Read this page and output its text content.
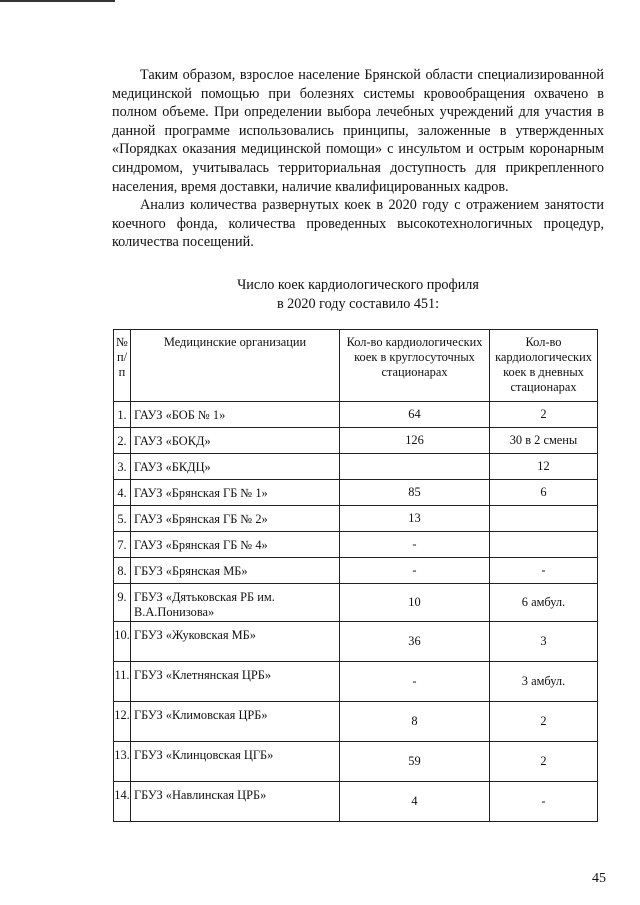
Таким образом, взрослое население Брянской области специализированной медицинской помощью при болезнях системы кровообращения охвачено в полном объеме. При определении выбора лечебных учреждений для участия в данной программе использовались принципы, заложенные в утвержденных «Порядках оказания медицинской помощи» с инсультом и острым коронарным синдромом, учитывалась территориальная доступность для прикрепленного населения, время доставки, наличие квалифицированных кадров.

Анализ количества развернутых коек в 2020 году с отражением занятости коечного фонда, количества проведенных высокотехнологичных процедур, количества посещений.

Число коек кардиологического профиля
в 2020 году составило 451:
№ п/п	Медицинские организации	Кол-во кардиологических коек в круглосуточных стационарах	Кол-во кардиологических коек в дневных стационарах
1.	ГАУЗ «БОБ № 1»	64	2
2.	ГАУЗ «БОКД»	126	30 в 2 смены
3.	ГАУЗ «БКДЦ»		12
4.	ГАУЗ «Брянская ГБ № 1»	85	6
5.	ГАУЗ «Брянская ГБ № 2»	13	
7.	ГАУЗ «Брянская ГБ № 4»	-	
8.	ГБУЗ «Брянская МБ»	-	-
9.	ГБУЗ «Дятьковская РБ им. В.А.Понизова»	10	6 амбул.
10.	ГБУЗ «Жуковская МБ»	36	3
11.	ГБУЗ «Клетнянская ЦРБ»	-	3 амбул.
12.	ГБУЗ «Климовская ЦРБ»	8	2
13.	ГБУЗ «Клинцовская ЦГБ»	59	2
14.	ГБУЗ «Навлинская ЦРБ»	4	-
45
